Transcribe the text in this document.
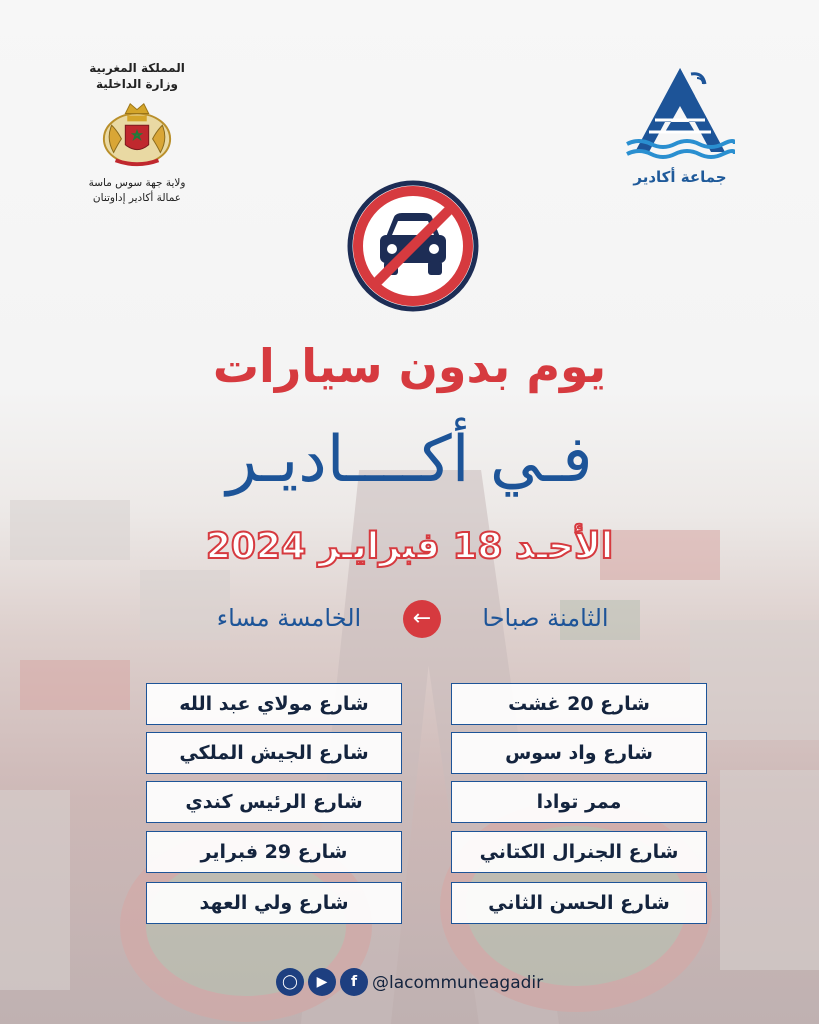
المملكة المغربية
وزارة الداخلية
ولاية جهة سوس ماسة
عمالة أكادير إداوتنان
جماعة أكادير
يوم بدون سيارات
فـي أكــــاديـر
الأحـد 18 فبرايـر 2024
الثامنة صباحا
←
الخامسة مساء
شارع 20 غشت
شارع واد سوس
ممر توادا
شارع الجنرال الكتاني
شارع الحسن الثاني
شارع مولاي عبد الله
شارع الجيش الملكي
شارع الرئيس كندي
شارع 29 فبراير
شارع ولي العهد
◯	▶	f @lacommuneagadir
